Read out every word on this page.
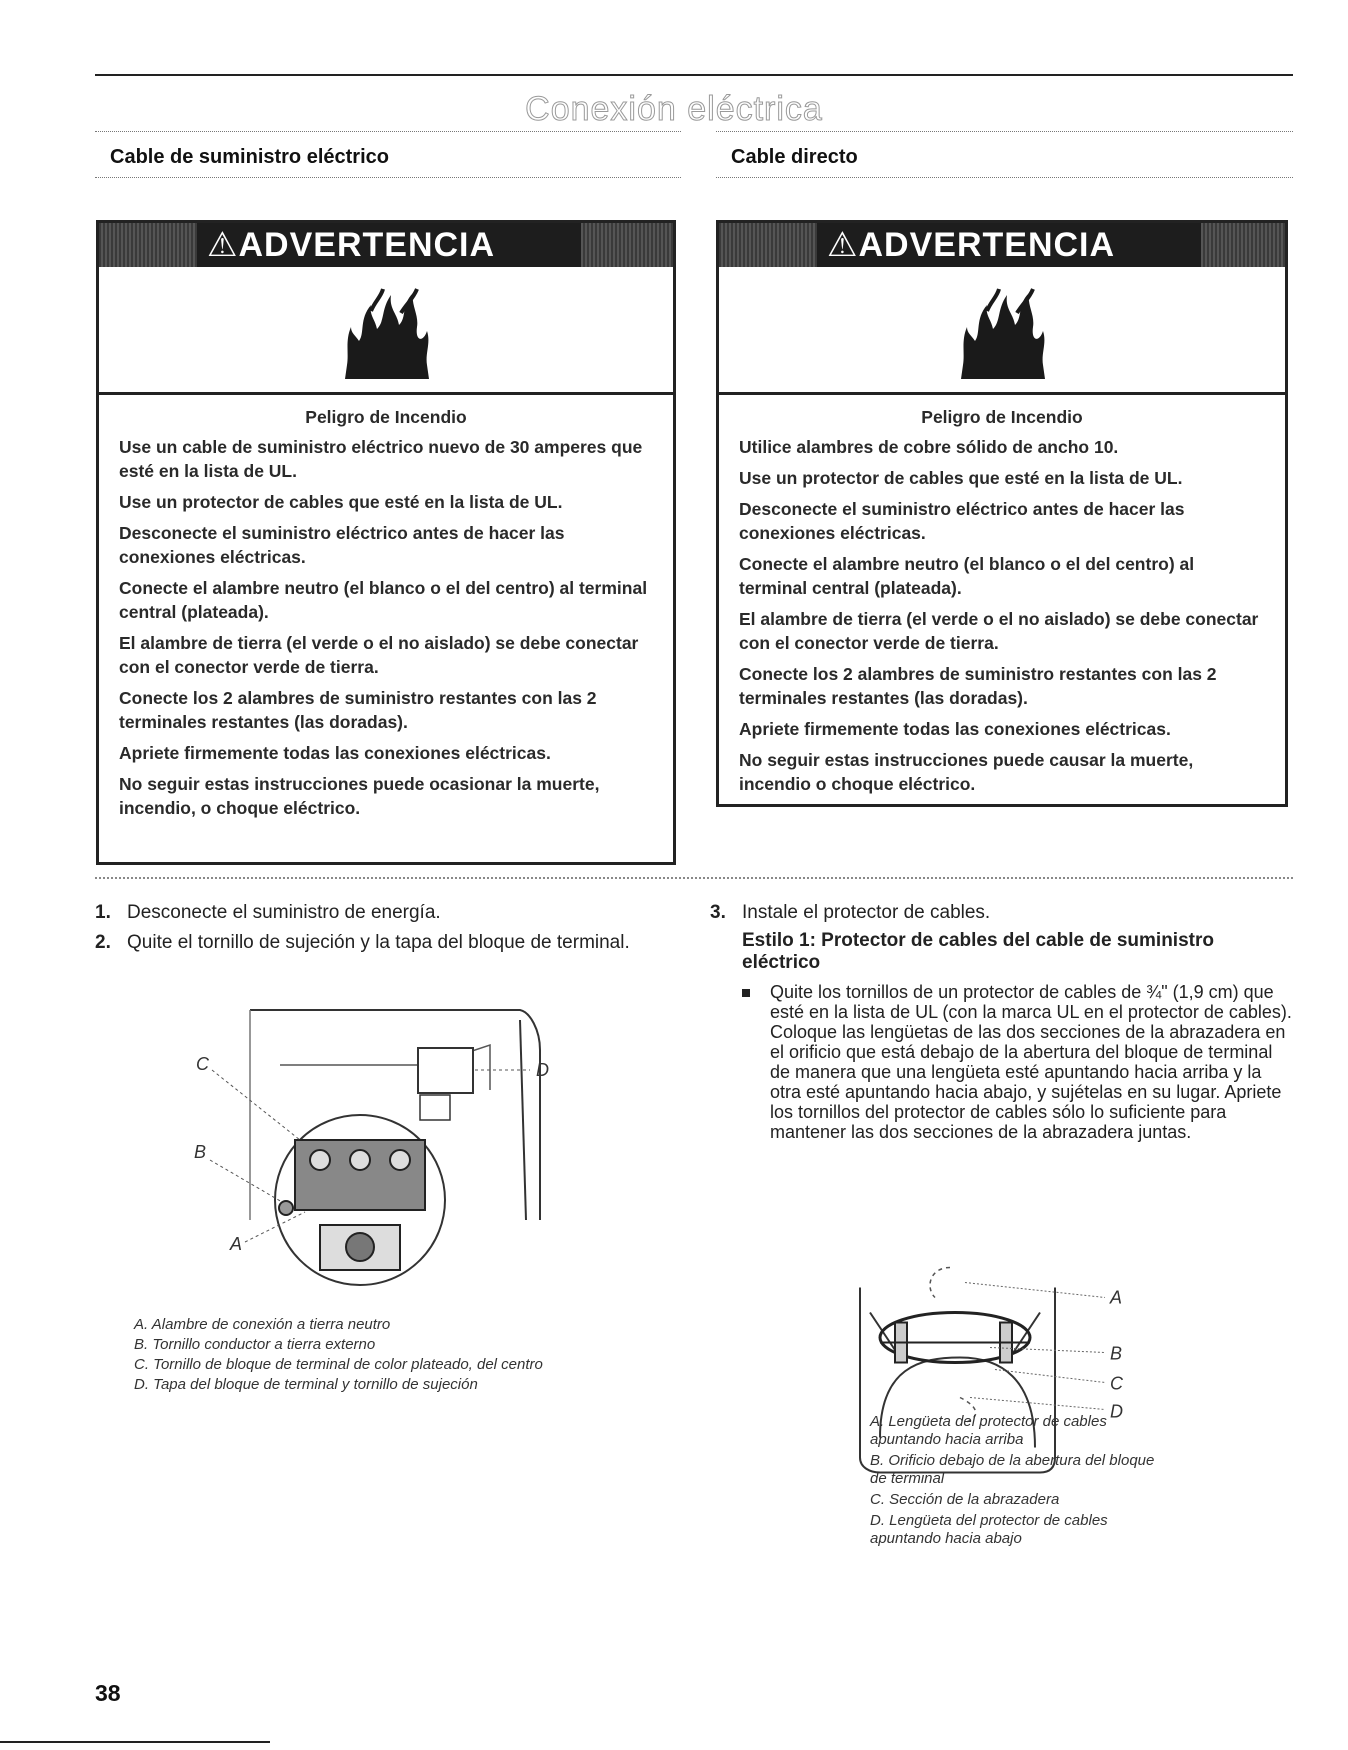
Conexión eléctrica
Cable de suministro eléctrico	Cable directo
⚠ADVERTENCIA
Peligro de Incendio

Use un cable de suministro eléctrico nuevo de 30 amperes que esté en la lista de UL.

Use un protector de cables que esté en la lista de UL.

Desconecte el suministro eléctrico antes de hacer las conexiones eléctricas.

Conecte el alambre neutro (el blanco o el del centro) al terminal central (plateada).

El alambre de tierra (el verde o el no aislado) se debe conectar con el conector verde de tierra.

Conecte los 2 alambres de suministro restantes con las 2 terminales restantes (las doradas).

Apriete firmemente todas las conexiones eléctricas.

No seguir estas instrucciones puede ocasionar la muerte, incendio, o choque eléctrico.

⚠ADVERTENCIA
Peligro de Incendio

Utilice alambres de cobre sólido de ancho 10.

Use un protector de cables que esté en la lista de UL.

Desconecte el suministro eléctrico antes de hacer las conexiones eléctricas.

Conecte el alambre neutro (el blanco o el del centro) al terminal central (plateada).

El alambre de tierra (el verde o el no aislado) se debe conectar con el conector verde de tierra.

Conecte los 2 alambres de suministro restantes con las 2 terminales restantes (las doradas).

Apriete firmemente todas las conexiones eléctricas.

No seguir estas instrucciones puede causar la muerte, incendio o choque eléctrico.

1. Desconecte el suministro de energía.
2. Quite el tornillo de sujeción y la tapa del bloque de terminal.
C
B
A
D
A. Alambre de conexión a tierra neutro
B. Tornillo conductor a tierra externo
C. Tornillo de bloque de terminal de color plateado, del centro
D. Tapa del bloque de terminal y tornillo de sujeción
3. Instale el protector de cables.
Estilo 1: Protector de cables del cable de suministro eléctrico
Quite los tornillos de un protector de cables de ¾" (1,9 cm) que esté en la lista de UL (con la marca UL en el protector de cables). Coloque las lengüetas de las dos secciones de la abrazadera en el orificio que está debajo de la abertura del bloque de terminal de manera que una lengüeta esté apuntando hacia arriba y la otra esté apuntando hacia abajo, y sujételas en su lugar. Apriete los tornillos del protector de cables sólo lo suficiente para mantener las dos secciones de la abrazadera juntas.
A
B
C
D
A. Lengüeta del protector de cables apuntando hacia arriba
B. Orificio debajo de la abertura del bloque de terminal
C. Sección de la abrazadera
D. Lengüeta del protector de cables apuntando hacia abajo
38
